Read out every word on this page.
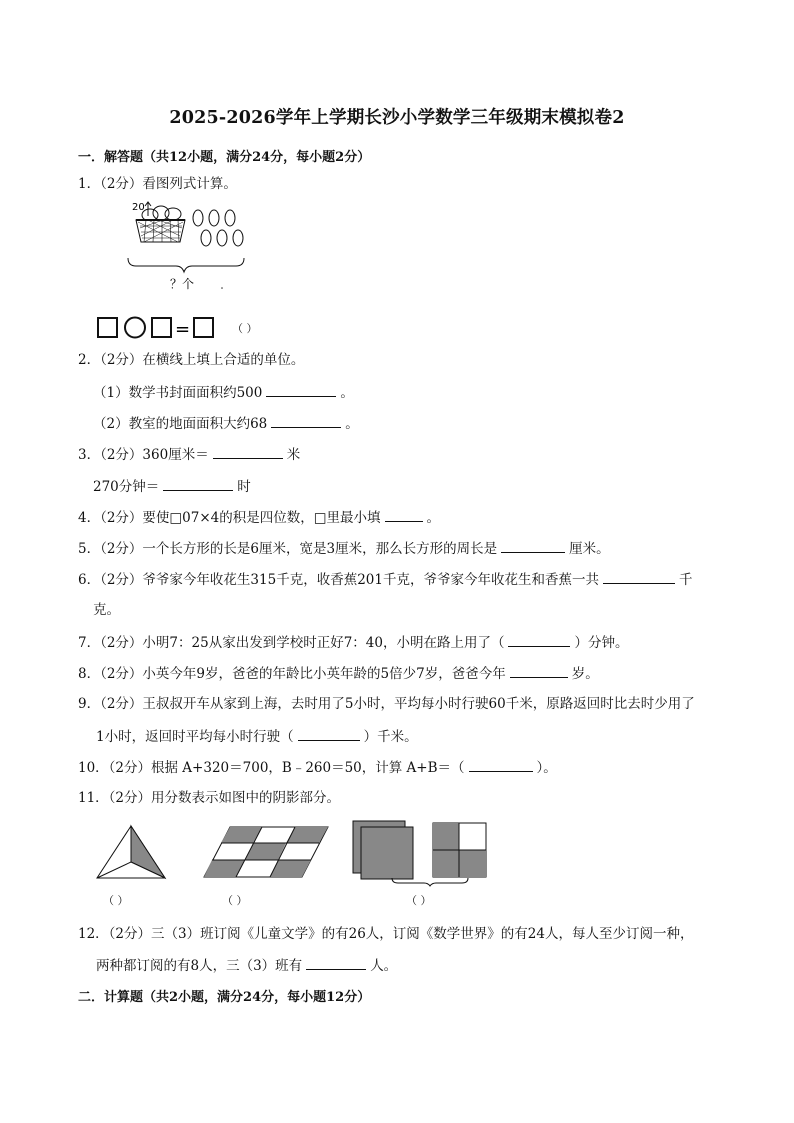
2025-2026学年上学期长沙小学数学三年级期末模拟卷2
一．解答题（共12小题，满分24分，每小题2分）
1．（2分）看图列式计算。
20
？个
=	（ ）
2．（2分）在横线上填上合适的单位。
（1）数学书封面面积约500	。
（2）教室的地面面积大约68	。
3．（2分）360厘米＝	米
270分钟＝	时
4．（2分）要使□07×4的积是四位数，□里最小填	。
5．（2分）一个长方形的长是6厘米，宽是3厘米，那么长方形的周长是	厘米。
6．（2分）爷爷家今年收花生315千克，收香蕉201千克，爷爷家今年收花生和香蕉一共	千
克。
7．（2分）小明7：25从家出发到学校时正好7：40，小明在路上用了（	）分钟。
8．（2分）小英今年9岁，爸爸的年龄比小英年龄的5倍少7岁，爸爸今年	岁。
9．（2分）王叔叔开车从家到上海，去时用了5小时，平均每小时行驶60千米，原路返回时比去时少用了
1小时，返回时平均每小时行驶（	）千米。
10．（2分）根据 A+320＝700，B﹣260＝50，计算 A+B＝（	）。
11．（2分）用分数表示如图中的阴影部分。
（ ）	（ ）	（ ）
12．（2分）三（3）班订阅《儿童文学》的有26人，订阅《数学世界》的有24人，每人至少订阅一种，
两种都订阅的有8人，三（3）班有	人。
二．计算题（共2小题，满分24分，每小题12分）
